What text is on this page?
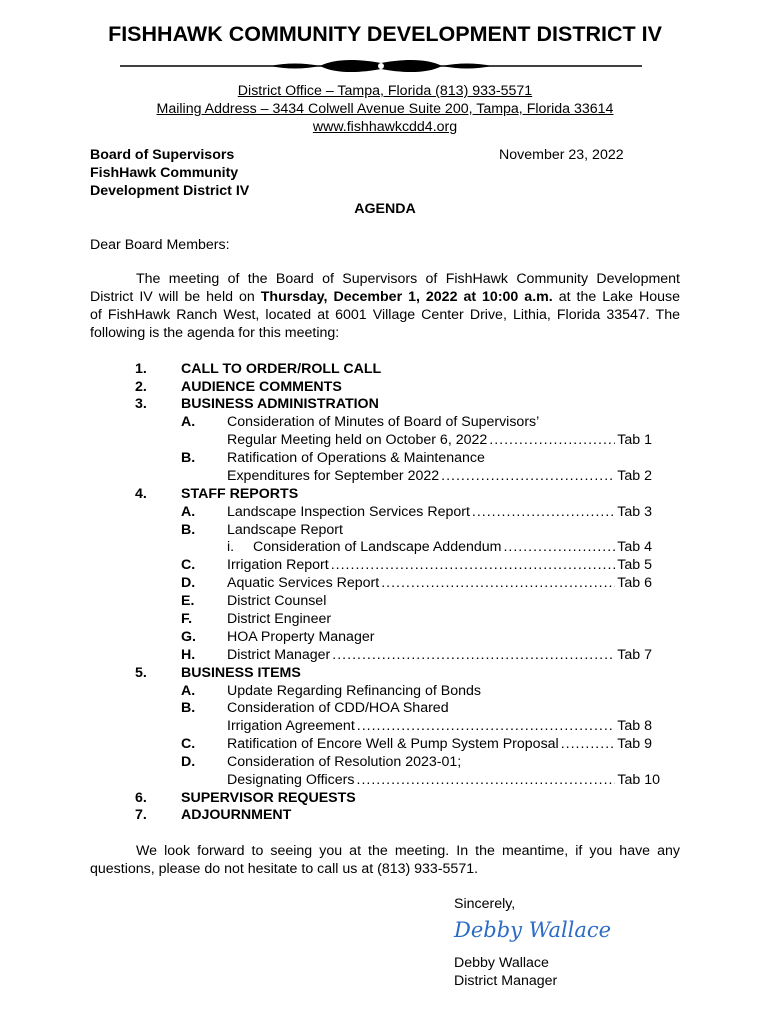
FISHHAWK COMMUNITY DEVELOPMENT DISTRICT IV
District Office – Tampa, Florida (813) 933-5571
Mailing Address – 3434 Colwell Avenue Suite 200, Tampa, Florida 33614
www.fishhawkcdd4.org
Board of Supervisors
FishHawk Community
Development District IV
November 23, 2022
AGENDA
Dear Board Members:
The meeting of the Board of Supervisors of FishHawk Community Development
District IV will be held on Thursday, December 1, 2022 at 10:00 a.m. at the Lake House
of FishHawk Ranch West, located at 6001 Village Center Drive, Lithia, Florida 33547. The
following is the agenda for this meeting:
1. CALL TO ORDER/ROLL CALL
2. AUDIENCE COMMENTS
3. BUSINESS ADMINISTRATION
A. Consideration of Minutes of Board of Supervisors’
Regular Meeting held on October 6, 2022 .....	Tab 1
B. Ratification of Operations & Maintenance
Expenditures for September 2022 .....	Tab 2
4. STAFF REPORTS
A. Landscape Inspection Services Report .....	Tab 3
B. Landscape Report
i. Consideration of Landscape Addendum .....	Tab 4
C. Irrigation Report .....	Tab 5
D. Aquatic Services Report .....	Tab 6
E. District Counsel
F. District Engineer
G. HOA Property Manager
H. District Manager .....	Tab 7
5. BUSINESS ITEMS
A. Update Regarding Refinancing of Bonds
B. Consideration of CDD/HOA Shared
Irrigation Agreement .....	Tab 8
C. Ratification of Encore Well & Pump System Proposal .....	Tab 9
D. Consideration of Resolution 2023-01;
Designating Officers .....	Tab 10
6. SUPERVISOR REQUESTS
7. ADJOURNMENT
We look forward to seeing you at the meeting. In the meantime, if you have any
questions, please do not hesitate to call us at (813) 933-5571.
Sincerely,
Debby Wallace
Debby Wallace
District Manager
